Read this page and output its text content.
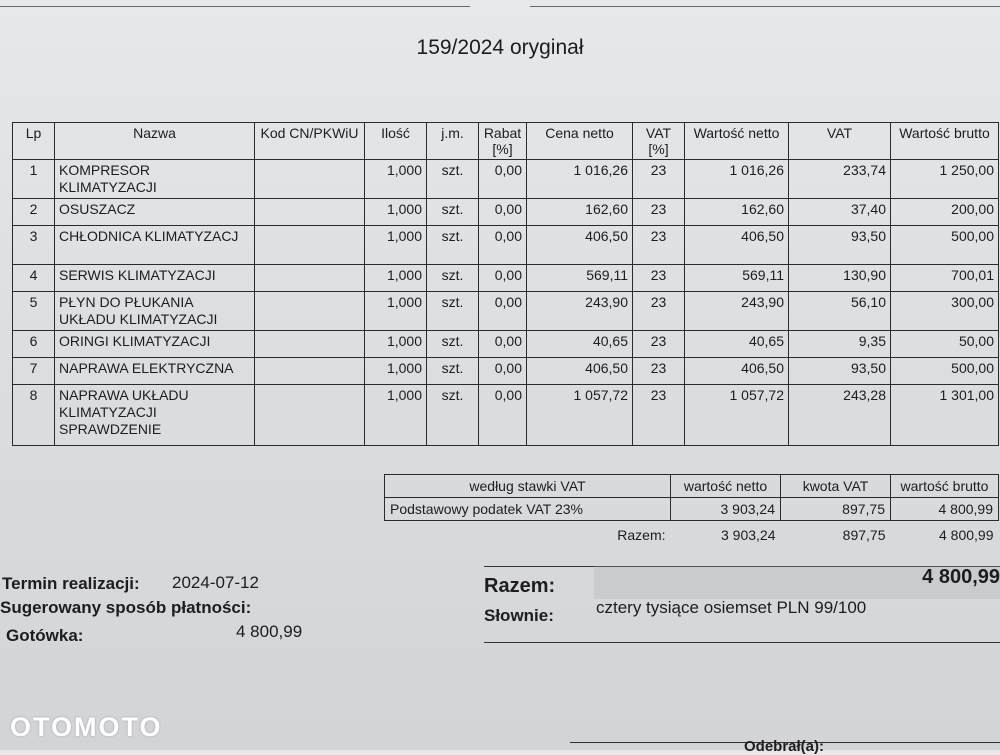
159/2024 oryginał
Lp	Nazwa	Kod CN/PKWiU	Ilość	j.m.	Rabat [%]	Cena netto	VAT [%]	Wartość netto	VAT	Wartość brutto
1	KOMPRESOR KLIMATYZACJI		1,000	szt.	0,00	1 016,26	23	1 016,26	233,74	1 250,00
2	OSUSZACZ		1,000	szt.	0,00	162,60	23	162,60	37,40	200,00
3	CHŁODNICA KLIMATYZACJ		1,000	szt.	0,00	406,50	23	406,50	93,50	500,00
4	SERWIS KLIMATYZACJI		1,000	szt.	0,00	569,11	23	569,11	130,90	700,01
5	PŁYN DO PŁUKANIA UKŁADU KLIMATYZACJI		1,000	szt.	0,00	243,90	23	243,90	56,10	300,00
6	ORINGI KLIMATYZACJI		1,000	szt.	0,00	40,65	23	40,65	9,35	50,00
7	NAPRAWA ELEKTRYCZNA		1,000	szt.	0,00	406,50	23	406,50	93,50	500,00
8	NAPRAWA UKŁADU KLIMATYZACJI SPRAWDZENIE		1,000	szt.	0,00	1 057,72	23	1 057,72	243,28	1 301,00
według stawki VAT	wartość netto	kwota VAT	wartość brutto
Podstawowy podatek VAT 23%	3 903,24	897,75	4 800,99
Razem:	3 903,24	897,75	4 800,99
Termin realizacji: 2024-07-12
Sugerowany sposób płatności:
Gotówka:	4 800,99
Razem:	4 800,99
Słownie: cztery tysiące osiemset PLN 99/100
OTOMOTO
Odebrał(a):
